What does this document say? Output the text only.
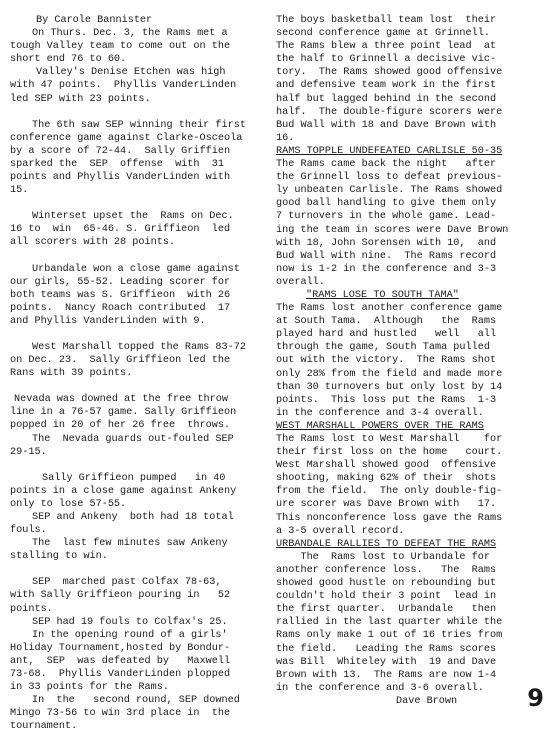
By Carole Bannister

On Thurs. Dec. 3, the Rams met a

tough Valley team to come out on the

short end 76 to 60.

Valley's Denise Etchen was high

with 47 points.  Phyllis VanderLinden

led SEP with 23 points.

The 6th saw SEP winning their first

conference game against Clarke-Osceola

by a score of 72-44.  Sally Griffien

sparked the  SEP  offense  with  31

points and Phyllis VanderLinden with

15.

Winterset upset the  Rams on Dec.

16 to  win  65-46. S. Griffieon  led

all scorers with 28 points.

Urbandale won a close game against

our girls, 55-52. Leading scorer for

both teams was S. Griffieon  with 26

points.  Nancy Roach contributed  17

and Phyllis VanderLinden with 9.

West Marshall topped the Rams 83-72

on Dec. 23.  Sally Griffieon led the

Rans with 39 points.

Nevada was downed at the free throw

line in a 76-57 game. Sally Griffieon

popped in 20 of her 26 free  throws.

The  Nevada guards out-fouled SEP

29-15.

Sally Griffieon pumped   in 40

points in a close game against Ankeny

only to lose 57-55.

SEP and Ankeny  both had 18 total

fouls.

The  last few minutes saw Ankeny

stalling to win.

SEP  marched past Colfax 78-63,

with Sally Griffieon pouring in   52

points.

SEP had 19 fouls to Colfax's 25.

In the opening round of a girls'

Holiday Tournament,hosted by Bondur-

ant,  SEP  was defeated by   Maxwell

73-68.  Phyllis VanderLinden plopped

in 33 points for the Rams.

In  the   second round, SEP downed

Mingo 73-56 to win 3rd place in  the

tournament.

The boys basketball team lost  their

second conference game at Grinnell.

The Rams blew a three point lead  at

the half to Grinnell a decisive vic-

tory.  The Rams showed good offensive

and defensive team work in the first

half but lagged behind in the second

half.  The double-figure scorers were

Bud Wall with 18 and Dave Brown with

16.

RAMS TOPPLE UNDEFEATED CARLISLE 50-35

The Rams came back the night   after

the Grinnell loss to defeat previous-

ly unbeaten Carlisle. The Rams showed

good ball handling to give them only

7 turnovers in the whole game. Lead-

ing the team in scores were Dave Brown

with 18, John Sorensen with 10,  and

Bud Wall with nine.  The Rams record

now is 1-2 in the conference and 3-3

overall.

"RAMS LOSE TO SOUTH TAMA"

The Rams lost another conference game

at South Tama.  Although   the  Rams

played hard and hustled   well   all

through the game, South Tama pulled

out with the victory.  The Rams shot

only 28% from the field and made more

than 30 turnovers but only lost by 14

points.  This loss put the Rams  1-3

in the conference and 3-4 overall.

WEST MARSHALL POWERS OVER THE RAMS

The Rams lost to West Marshall    for

their first loss on the home   court.

West Marshall showed good  offensive

shooting, making 62% of their  shots

from the field.  The only double-fig-

ure scorer was Dave Brown with   17.

This nonconference loss gave the Rams

a 3-5 overall record.

URBANDALE RALLIES TO DEFEAT THE RAMS

The  Rams lost to Urbandale for

another conference loss.   The  Rams

showed good hustle on rebounding but

couldn't hold their 3 point  lead in

the first quarter.  Urbandale   then

rallied in the last quarter while the

Rams only make 1 out of 16 tries from

the field.   Leading the Rams scores

was Bill  Whiteley with  19 and Dave

Brown with 13.  The Rams are now 1-4

in the conference and 3-6 overall.

Dave Brown	9
